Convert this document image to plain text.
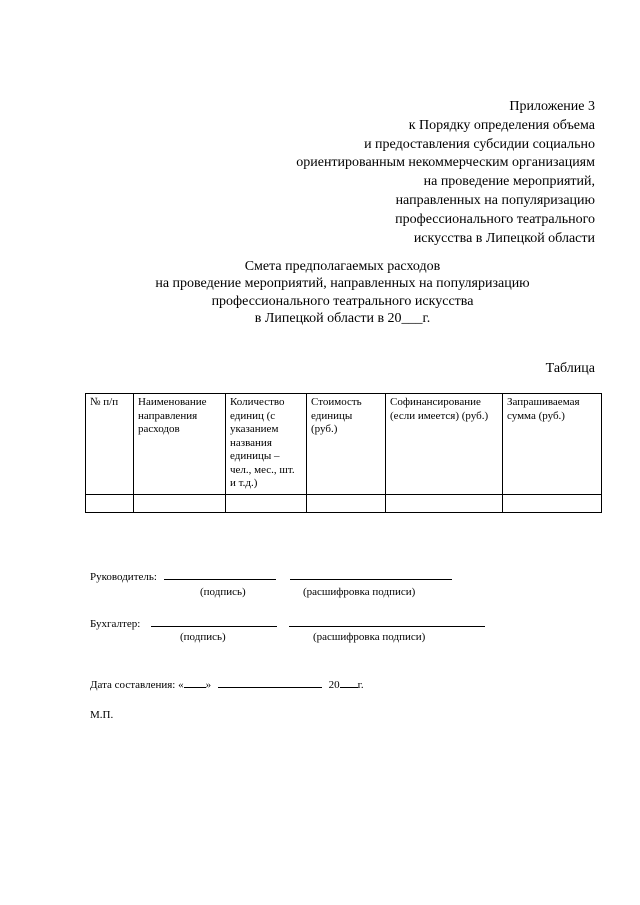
Приложение 3
к Порядку определения объема
и предоставления субсидии социально
ориентированным некоммерческим организациям
на проведение мероприятий,
направленных на популяризацию
профессионального театрального
искусства в Липецкой области
Смета предполагаемых расходов
на проведение мероприятий, направленных на популяризацию
профессионального театрального искусства
в Липецкой области в 20___г.
Таблица
№ п/п	Наименование направления расходов	Количество единиц (с указанием названия единицы – чел., мес., шт. и т.д.)	Стоимость единицы (руб.)	Софинансирование (если имеется) (руб.)	Запрашиваемая сумма (руб.)

Руководитель:
(подпись)	(расшифровка подписи)
Бухгалтер:
(подпись)	(расшифровка подписи)
Дата составления: « »	20 г.
М.П.
